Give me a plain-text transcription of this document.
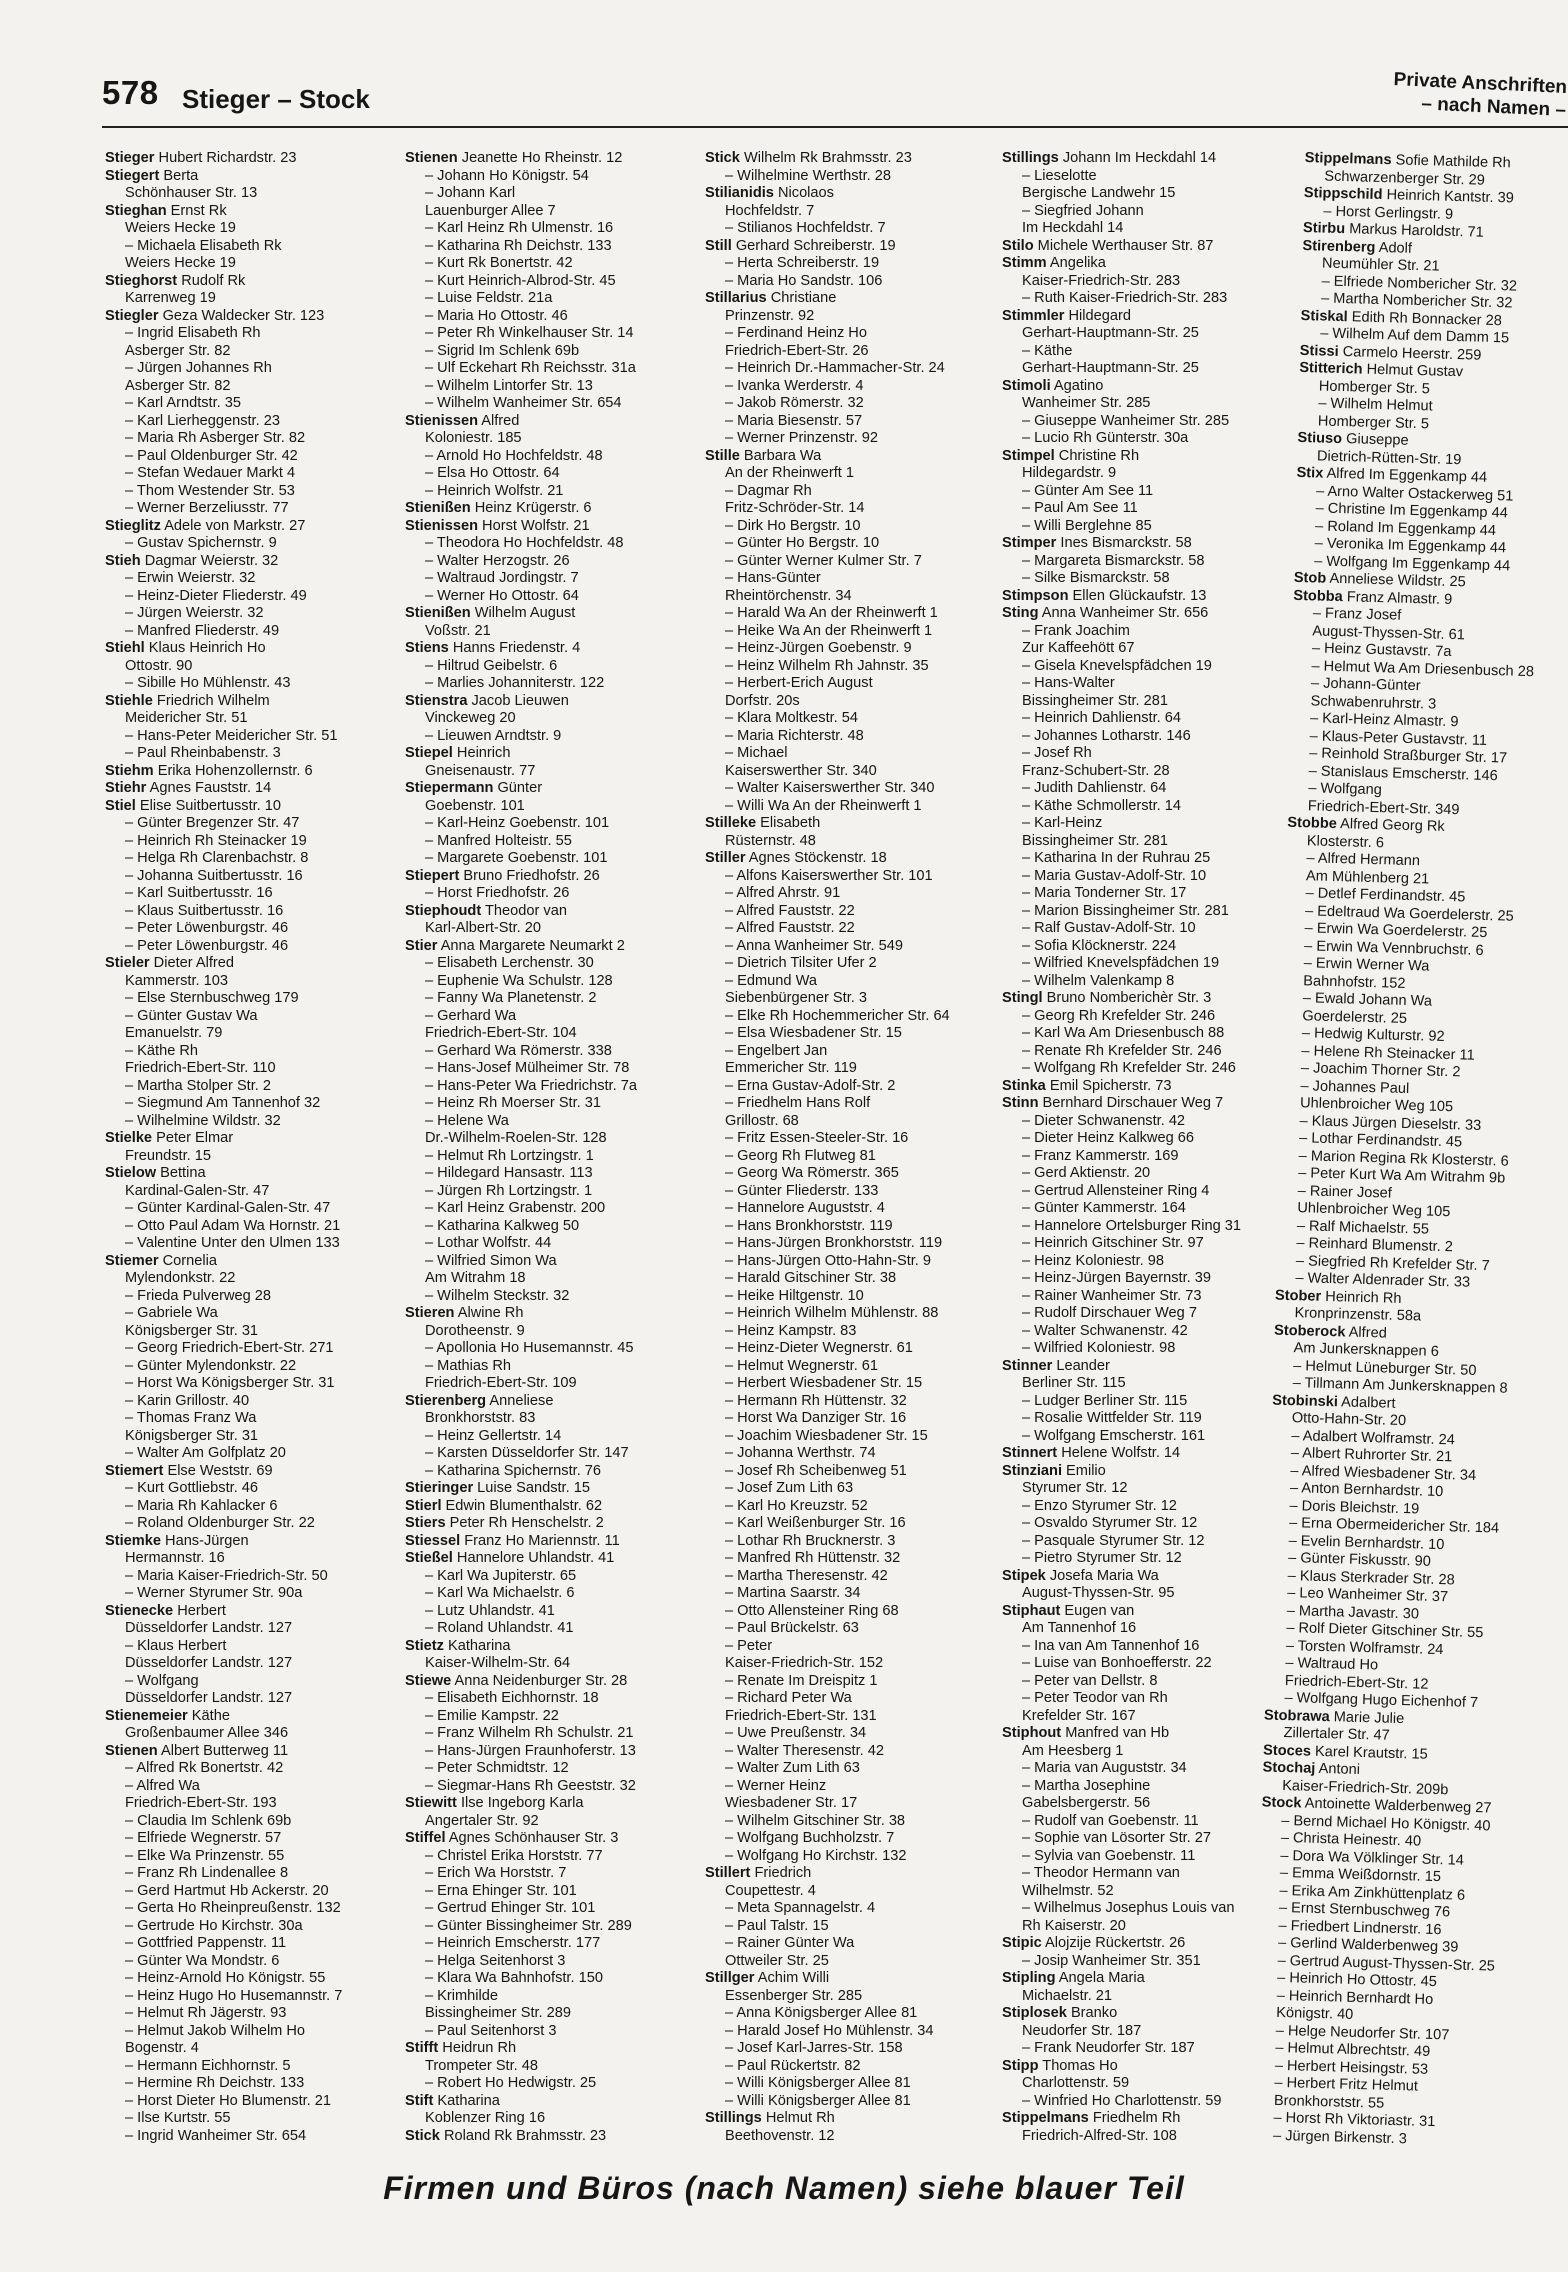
578 Stieger – Stock
Private Anschriften
– nach Namen –
Stieger Hubert Richardstr. 23
Stiegert Berta
Schönhauser Str. 13
Stieghan Ernst Rk
Weiers Hecke 19
– Michaela Elisabeth Rk
Weiers Hecke 19
Stieghorst Rudolf Rk
Karrenweg 19
Stiegler Geza Waldecker Str. 123
– Ingrid Elisabeth Rh
Asberger Str. 82
– Jürgen Johannes Rh
Asberger Str. 82
– Karl Arndtstr. 35
– Karl Lierheggenstr. 23
– Maria Rh Asberger Str. 82
– Paul Oldenburger Str. 42
– Stefan Wedauer Markt 4
– Thom Westender Str. 53
– Werner Berzeliusstr. 77
Stieglitz Adele von Markstr. 27
– Gustav Spichernstr. 9
Stieh Dagmar Weierstr. 32
– Erwin Weierstr. 32
– Heinz-Dieter Fliederstr. 49
– Jürgen Weierstr. 32
– Manfred Fliederstr. 49
Stiehl Klaus Heinrich Ho
Ottostr. 90
– Sibille Ho Mühlenstr. 43
Stiehle Friedrich Wilhelm
Meidericher Str. 51
– Hans-Peter Meidericher Str. 51
– Paul Rheinbabenstr. 3
Stiehm Erika Hohenzollernstr. 6
Stiehr Agnes Fauststr. 14
Stiel Elise Suitbertusstr. 10
– Günter Bregenzer Str. 47
– Heinrich Rh Steinacker 19
– Helga Rh Clarenbachstr. 8
– Johanna Suitbertusstr. 16
– Karl Suitbertusstr. 16
– Klaus Suitbertusstr. 16
– Peter Löwenburgstr. 46
– Peter Löwenburgstr. 46
Stieler Dieter Alfred
Kammerstr. 103
– Else Sternbuschweg 179
– Günter Gustav Wa
Emanuelstr. 79
– Käthe Rh
Friedrich-Ebert-Str. 110
– Martha Stolper Str. 2
– Siegmund Am Tannenhof 32
– Wilhelmine Wildstr. 32
Stielke Peter Elmar
Freundstr. 15
Stielow Bettina
Kardinal-Galen-Str. 47
– Günter Kardinal-Galen-Str. 47
– Otto Paul Adam Wa Hornstr. 21
– Valentine Unter den Ulmen 133
Stiemer Cornelia
Mylendonkstr. 22
– Frieda Pulverweg 28
– Gabriele Wa
Königsberger Str. 31
– Georg Friedrich-Ebert-Str. 271
– Günter Mylendonkstr. 22
– Horst Wa Königsberger Str. 31
– Karin Grillostr. 40
– Thomas Franz Wa
Königsberger Str. 31
– Walter Am Golfplatz 20
Stiemert Else Weststr. 69
– Kurt Gottliebstr. 46
– Maria Rh Kahlacker 6
– Roland Oldenburger Str. 22
Stiemke Hans-Jürgen
Hermannstr. 16
– Maria Kaiser-Friedrich-Str. 50
– Werner Styrumer Str. 90a
Stienecke Herbert
Düsseldorfer Landstr. 127
– Klaus Herbert
Düsseldorfer Landstr. 127
– Wolfgang
Düsseldorfer Landstr. 127
Stienemeier Käthe
Großenbaumer Allee 346
Stienen Albert Butterweg 11
– Alfred Rk Bonertstr. 42
– Alfred Wa
Friedrich-Ebert-Str. 193
– Claudia Im Schlenk 69b
– Elfriede Wegnerstr. 57
– Elke Wa Prinzenstr. 55
– Franz Rh Lindenallee 8
– Gerd Hartmut Hb Ackerstr. 20
– Gerta Ho Rheinpreußenstr. 132
– Gertrude Ho Kirchstr. 30a
– Gottfried Pappenstr. 11
– Günter Wa Mondstr. 6
– Heinz-Arnold Ho Königstr. 55
– Heinz Hugo Ho Husemannstr. 7
– Helmut Rh Jägerstr. 93
– Helmut Jakob Wilhelm Ho
Bogenstr. 4
– Hermann Eichhornstr. 5
– Hermine Rh Deichstr. 133
– Horst Dieter Ho Blumenstr. 21
– Ilse Kurtstr. 55
– Ingrid Wanheimer Str. 654
Stienen Jeanette Ho Rheinstr. 12
– Johann Ho Königstr. 54
– Johann Karl
Lauenburger Allee 7
– Karl Heinz Rh Ulmenstr. 16
– Katharina Rh Deichstr. 133
– Kurt Rk Bonertstr. 42
– Kurt Heinrich-Albrod-Str. 45
– Luise Feldstr. 21a
– Maria Ho Ottostr. 46
– Peter Rh Winkelhauser Str. 14
– Sigrid Im Schlenk 69b
– Ulf Eckehart Rh Reichsstr. 31a
– Wilhelm Lintorfer Str. 13
– Wilhelm Wanheimer Str. 654
Stienissen Alfred
Koloniestr. 185
– Arnold Ho Hochfeldstr. 48
– Elsa Ho Ottostr. 64
– Heinrich Wolfstr. 21
Stienißen Heinz Krügerstr. 6
Stienissen Horst Wolfstr. 21
– Theodora Ho Hochfeldstr. 48
– Walter Herzogstr. 26
– Waltraud Jordingstr. 7
– Werner Ho Ottostr. 64
Stienißen Wilhelm August
Voßstr. 21
Stiens Hanns Friedenstr. 4
– Hiltrud Geibelstr. 6
– Marlies Johanniterstr. 122
Stienstra Jacob Lieuwen
Vinckeweg 20
– Lieuwen Arndtstr. 9
Stiepel Heinrich
Gneisenaustr. 77
Stiepermann Günter
Goebenstr. 101
– Karl-Heinz Goebenstr. 101
– Manfred Holteistr. 55
– Margarete Goebenstr. 101
Stiepert Bruno Friedhofstr. 26
– Horst Friedhofstr. 26
Stiephoudt Theodor van
Karl-Albert-Str. 20
Stier Anna Margarete Neumarkt 2
– Elisabeth Lerchenstr. 30
– Euphenie Wa Schulstr. 128
– Fanny Wa Planetenstr. 2
– Gerhard Wa
Friedrich-Ebert-Str. 104
– Gerhard Wa Römerstr. 338
– Hans-Josef Mülheimer Str. 78
– Hans-Peter Wa Friedrichstr. 7a
– Heinz Rh Moerser Str. 31
– Helene Wa
Dr.-Wilhelm-Roelen-Str. 128
– Helmut Rh Lortzingstr. 1
– Hildegard Hansastr. 113
– Jürgen Rh Lortzingstr. 1
– Karl Heinz Grabenstr. 200
– Katharina Kalkweg 50
– Lothar Wolfstr. 44
– Wilfried Simon Wa
Am Witrahm 18
– Wilhelm Steckstr. 32
Stieren Alwine Rh
Dorotheenstr. 9
– Apollonia Ho Husemannstr. 45
– Mathias Rh
Friedrich-Ebert-Str. 109
Stierenberg Anneliese
Bronkhorststr. 83
– Heinz Gellertstr. 14
– Karsten Düsseldorfer Str. 147
– Katharina Spichernstr. 76
Stieringer Luise Sandstr. 15
Stierl Edwin Blumenthalstr. 62
Stiers Peter Rh Henschelstr. 2
Stiessel Franz Ho Mariennstr. 11
Stießel Hannelore Uhlandstr. 41
– Karl Wa Jupiterstr. 65
– Karl Wa Michaelstr. 6
– Lutz Uhlandstr. 41
– Roland Uhlandstr. 41
Stietz Katharina
Kaiser-Wilhelm-Str. 64
Stiewe Anna Neidenburger Str. 28
– Elisabeth Eichhornstr. 18
– Emilie Kampstr. 22
– Franz Wilhelm Rh Schulstr. 21
– Hans-Jürgen Fraunhoferstr. 13
– Peter Schmidtstr. 12
– Siegmar-Hans Rh Geeststr. 32
Stiewitt Ilse Ingeborg Karla
Angertaler Str. 92
Stiffel Agnes Schönhauser Str. 3
– Christel Erika Horststr. 77
– Erich Wa Horststr. 7
– Erna Ehinger Str. 101
– Gertrud Ehinger Str. 101
– Günter Bissingheimer Str. 289
– Heinrich Emscherstr. 177
– Helga Seitenhorst 3
– Klara Wa Bahnhofstr. 150
– Krimhilde
Bissingheimer Str. 289
– Paul Seitenhorst 3
Stifft Heidrun Rh
Trompeter Str. 48
– Robert Ho Hedwigstr. 25
Stift Katharina
Koblenzer Ring 16
Stick Roland Rk Brahmsstr. 23
Stick Wilhelm Rk Brahmsstr. 23
– Wilhelmine Werthstr. 28
Stilianidis Nicolaos
Hochfeldstr. 7
– Stilianos Hochfeldstr. 7
Still Gerhard Schreiberstr. 19
– Herta Schreiberstr. 19
– Maria Ho Sandstr. 106
Stillarius Christiane
Prinzenstr. 92
– Ferdinand Heinz Ho
Friedrich-Ebert-Str. 26
– Heinrich Dr.-Hammacher-Str. 24
– Ivanka Werderstr. 4
– Jakob Römerstr. 32
– Maria Biesenstr. 57
– Werner Prinzenstr. 92
Stille Barbara Wa
An der Rheinwerft 1
– Dagmar Rh
Fritz-Schröder-Str. 14
– Dirk Ho Bergstr. 10
– Günter Ho Bergstr. 10
– Günter Werner Kulmer Str. 7
– Hans-Günter
Rheintörchenstr. 34
– Harald Wa An der Rheinwerft 1
– Heike Wa An der Rheinwerft 1
– Heinz-Jürgen Goebenstr. 9
– Heinz Wilhelm Rh Jahnstr. 35
– Herbert-Erich August
Dorfstr. 20s
– Klara Moltkestr. 54
– Maria Richterstr. 48
– Michael
Kaiserswerther Str. 340
– Walter Kaiserswerther Str. 340
– Willi Wa An der Rheinwerft 1
Stilleke Elisabeth
Rüsternstr. 48
Stiller Agnes Stöckenstr. 18
– Alfons Kaiserswerther Str. 101
– Alfred Ahrstr. 91
– Alfred Fauststr. 22
– Alfred Fauststr. 22
– Anna Wanheimer Str. 549
– Dietrich Tilsiter Ufer 2
– Edmund Wa
Siebenbürgener Str. 3
– Elke Rh Hochemmericher Str. 64
– Elsa Wiesbadener Str. 15
– Engelbert Jan
Emmericher Str. 119
– Erna Gustav-Adolf-Str. 2
– Friedhelm Hans Rolf
Grillostr. 68
– Fritz Essen-Steeler-Str. 16
– Georg Rh Flutweg 81
– Georg Wa Römerstr. 365
– Günter Fliederstr. 133
– Hannelore Auguststr. 4
– Hans Bronkhorststr. 119
– Hans-Jürgen Bronkhorststr. 119
– Hans-Jürgen Otto-Hahn-Str. 9
– Harald Gitschiner Str. 38
– Heike Hiltgenstr. 10
– Heinrich Wilhelm Mühlenstr. 88
– Heinz Kampstr. 83
– Heinz-Dieter Wegnerstr. 61
– Helmut Wegnerstr. 61
– Herbert Wiesbadener Str. 15
– Hermann Rh Hüttenstr. 32
– Horst Wa Danziger Str. 16
– Joachim Wiesbadener Str. 15
– Johanna Werthstr. 74
– Josef Rh Scheibenweg 51
– Josef Zum Lith 63
– Karl Ho Kreuzstr. 52
– Karl Weißenburger Str. 16
– Lothar Rh Brucknerstr. 3
– Manfred Rh Hüttenstr. 32
– Martha Theresenstr. 42
– Martina Saarstr. 34
– Otto Allensteiner Ring 68
– Paul Brückelstr. 63
– Peter
Kaiser-Friedrich-Str. 152
– Renate Im Dreispitz 1
– Richard Peter Wa
Friedrich-Ebert-Str. 131
– Uwe Preußenstr. 34
– Walter Theresenstr. 42
– Walter Zum Lith 63
– Werner Heinz
Wiesbadener Str. 17
– Wilhelm Gitschiner Str. 38
– Wolfgang Buchholzstr. 7
– Wolfgang Ho Kirchstr. 132
Stillert Friedrich
Coupettestr. 4
– Meta Spannagelstr. 4
– Paul Talstr. 15
– Rainer Günter Wa
Ottweiler Str. 25
Stillger Achim Willi
Essenberger Str. 285
– Anna Königsberger Allee 81
– Harald Josef Ho Mühlenstr. 34
– Josef Karl-Jarres-Str. 158
– Paul Rückertstr. 82
– Willi Königsberger Allee 81
– Willi Königsberger Allee 81
Stillings Helmut Rh
Beethovenstr. 12
Stillings Johann Im Heckdahl 14
– Lieselotte
Bergische Landwehr 15
– Siegfried Johann
Im Heckdahl 14
Stilo Michele Werthauser Str. 87
Stimm Angelika
Kaiser-Friedrich-Str. 283
– Ruth Kaiser-Friedrich-Str. 283
Stimmler Hildegard
Gerhart-Hauptmann-Str. 25
– Käthe
Gerhart-Hauptmann-Str. 25
Stimoli Agatino
Wanheimer Str. 285
– Giuseppe Wanheimer Str. 285
– Lucio Rh Günterstr. 30a
Stimpel Christine Rh
Hildegardstr. 9
– Günter Am See 11
– Paul Am See 11
– Willi Berglehne 85
Stimper Ines Bismarckstr. 58
– Margareta Bismarckstr. 58
– Silke Bismarckstr. 58
Stimpson Ellen Glückaufstr. 13
Sting Anna Wanheimer Str. 656
– Frank Joachim
Zur Kaffeehött 67
– Gisela Knevelspfädchen 19
– Hans-Walter
Bissingheimer Str. 281
– Heinrich Dahlienstr. 64
– Johannes Lotharstr. 146
– Josef Rh
Franz-Schubert-Str. 28
– Judith Dahlienstr. 64
– Käthe Schmollerstr. 14
– Karl-Heinz
Bissingheimer Str. 281
– Katharina In der Ruhrau 25
– Maria Gustav-Adolf-Str. 10
– Maria Tonderner Str. 17
– Marion Bissingheimer Str. 281
– Ralf Gustav-Adolf-Str. 10
– Sofia Klöcknerstr. 224
– Wilfried Knevelspfädchen 19
– Wilhelm Valenkamp 8
Stingl Bruno Nomberichèr Str. 3
– Georg Rh Krefelder Str. 246
– Karl Wa Am Driesenbusch 88
– Renate Rh Krefelder Str. 246
– Wolfgang Rh Krefelder Str. 246
Stinka Emil Spicherstr. 73
Stinn Bernhard Dirschauer Weg 7
– Dieter Schwanenstr. 42
– Dieter Heinz Kalkweg 66
– Franz Kammerstr. 169
– Gerd Aktienstr. 20
– Gertrud Allensteiner Ring 4
– Günter Kammerstr. 164
– Hannelore Ortelsburger Ring 31
– Heinrich Gitschiner Str. 97
– Heinz Koloniestr. 98
– Heinz-Jürgen Bayernstr. 39
– Rainer Wanheimer Str. 73
– Rudolf Dirschauer Weg 7
– Walter Schwanenstr. 42
– Wilfried Koloniestr. 98
Stinner Leander
Berliner Str. 115
– Ludger Berliner Str. 115
– Rosalie Wittfelder Str. 119
– Wolfgang Emscherstr. 161
Stinnert Helene Wolfstr. 14
Stinziani Emilio
Styrumer Str. 12
– Enzo Styrumer Str. 12
– Osvaldo Styrumer Str. 12
– Pasquale Styrumer Str. 12
– Pietro Styrumer Str. 12
Stipek Josefa Maria Wa
August-Thyssen-Str. 95
Stiphaut Eugen van
Am Tannenhof 16
– Ina van Am Tannenhof 16
– Luise van Bonhoefferstr. 22
– Peter van Dellstr. 8
– Peter Teodor van Rh
Krefelder Str. 167
Stiphout Manfred van Hb
Am Heesberg 1
– Maria van Auguststr. 34
– Martha Josephine
Gabelsbergerstr. 56
– Rudolf van Goebenstr. 11
– Sophie van Lösorter Str. 27
– Sylvia van Goebenstr. 11
– Theodor Hermann van
Wilhelmstr. 52
– Wilhelmus Josephus Louis van
Rh Kaiserstr. 20
Stipic Alojzije Rückertstr. 26
– Josip Wanheimer Str. 351
Stipling Angela Maria
Michaelstr. 21
Stiplosek Branko
Neudorfer Str. 187
– Frank Neudorfer Str. 187
Stipp Thomas Ho
Charlottenstr. 59
– Winfried Ho Charlottenstr. 59
Stippelmans Friedhelm Rh
Friedrich-Alfred-Str. 108
Stippelmans Sofie Mathilde Rh
Schwarzenberger Str. 29
Stippschild Heinrich Kantstr. 39
– Horst Gerlingstr. 9
Stirbu Markus Haroldstr. 71
Stirenberg Adolf
Neumühler Str. 21
– Elfriede Nombericher Str. 32
– Martha Nombericher Str. 32
Stiskal Edith Rh Bonnacker 28
– Wilhelm Auf dem Damm 15
Stissi Carmelo Heerstr. 259
Stitterich Helmut Gustav
Homberger Str. 5
– Wilhelm Helmut
Homberger Str. 5
Stiuso Giuseppe
Dietrich-Rütten-Str. 19
Stix Alfred Im Eggenkamp 44
– Arno Walter Ostackerweg 51
– Christine Im Eggenkamp 44
– Roland Im Eggenkamp 44
– Veronika Im Eggenkamp 44
– Wolfgang Im Eggenkamp 44
Stob Anneliese Wildstr. 25
Stobba Franz Almastr. 9
– Franz Josef
August-Thyssen-Str. 61
– Heinz Gustavstr. 7a
– Helmut Wa Am Driesenbusch 28
– Johann-Günter
Schwabenruhrstr. 3
– Karl-Heinz Almastr. 9
– Klaus-Peter Gustavstr. 11
– Reinhold Straßburger Str. 17
– Stanislaus Emscherstr. 146
– Wolfgang
Friedrich-Ebert-Str. 349
Stobbe Alfred Georg Rk
Klosterstr. 6
– Alfred Hermann
Am Mühlenberg 21
– Detlef Ferdinandstr. 45
– Edeltraud Wa Goerdelerstr. 25
– Erwin Wa Goerdelerstr. 25
– Erwin Wa Vennbruchstr. 6
– Erwin Werner Wa
Bahnhofstr. 152
– Ewald Johann Wa
Goerdelerstr. 25
– Hedwig Kulturstr. 92
– Helene Rh Steinacker 11
– Joachim Thorner Str. 2
– Johannes Paul
Uhlenbroicher Weg 105
– Klaus Jürgen Dieselstr. 33
– Lothar Ferdinandstr. 45
– Marion Regina Rk Klosterstr. 6
– Peter Kurt Wa Am Witrahm 9b
– Rainer Josef
Uhlenbroicher Weg 105
– Ralf Michaelstr. 55
– Reinhard Blumenstr. 2
– Siegfried Rh Krefelder Str. 7
– Walter Aldenrader Str. 33
Stober Heinrich Rh
Kronprinzenstr. 58a
Stoberock Alfred
Am Junkersknappen 6
– Helmut Lüneburger Str. 50
– Tillmann Am Junkersknappen 8
Stobinski Adalbert
Otto-Hahn-Str. 20
– Adalbert Wolframstr. 24
– Albert Ruhrorter Str. 21
– Alfred Wiesbadener Str. 34
– Anton Bernhardstr. 10
– Doris Bleichstr. 19
– Erna Obermeidericher Str. 184
– Evelin Bernhardstr. 10
– Günter Fiskusstr. 90
– Klaus Sterkrader Str. 28
– Leo Wanheimer Str. 37
– Martha Javastr. 30
– Rolf Dieter Gitschiner Str. 55
– Torsten Wolframstr. 24
– Waltraud Ho
Friedrich-Ebert-Str. 12
– Wolfgang Hugo Eichenhof 7
Stobrawa Marie Julie
Zillertaler Str. 47
Stoces Karel Krautstr. 15
Stochaj Antoni
Kaiser-Friedrich-Str. 209b
Stock Antoinette Walderbenweg 27
– Bernd Michael Ho Königstr. 40
– Christa Heinestr. 40
– Dora Wa Völklinger Str. 14
– Emma Weißdornstr. 15
– Erika Am Zinkhüttenplatz 6
– Ernst Sternbuschweg 76
– Friedbert Lindnerstr. 16
– Gerlind Walderbenweg 39
– Gertrud August-Thyssen-Str. 25
– Heinrich Ho Ottostr. 45
– Heinrich Bernhardt Ho
Königstr. 40
– Helge Neudorfer Str. 107
– Helmut Albrechtstr. 49
– Herbert Heisingstr. 53
– Herbert Fritz Helmut
Bronkhorststr. 55
– Horst Rh Viktoriastr. 31
– Jürgen Birkenstr. 3
Firmen und Büros (nach Namen) siehe blauer Teil
